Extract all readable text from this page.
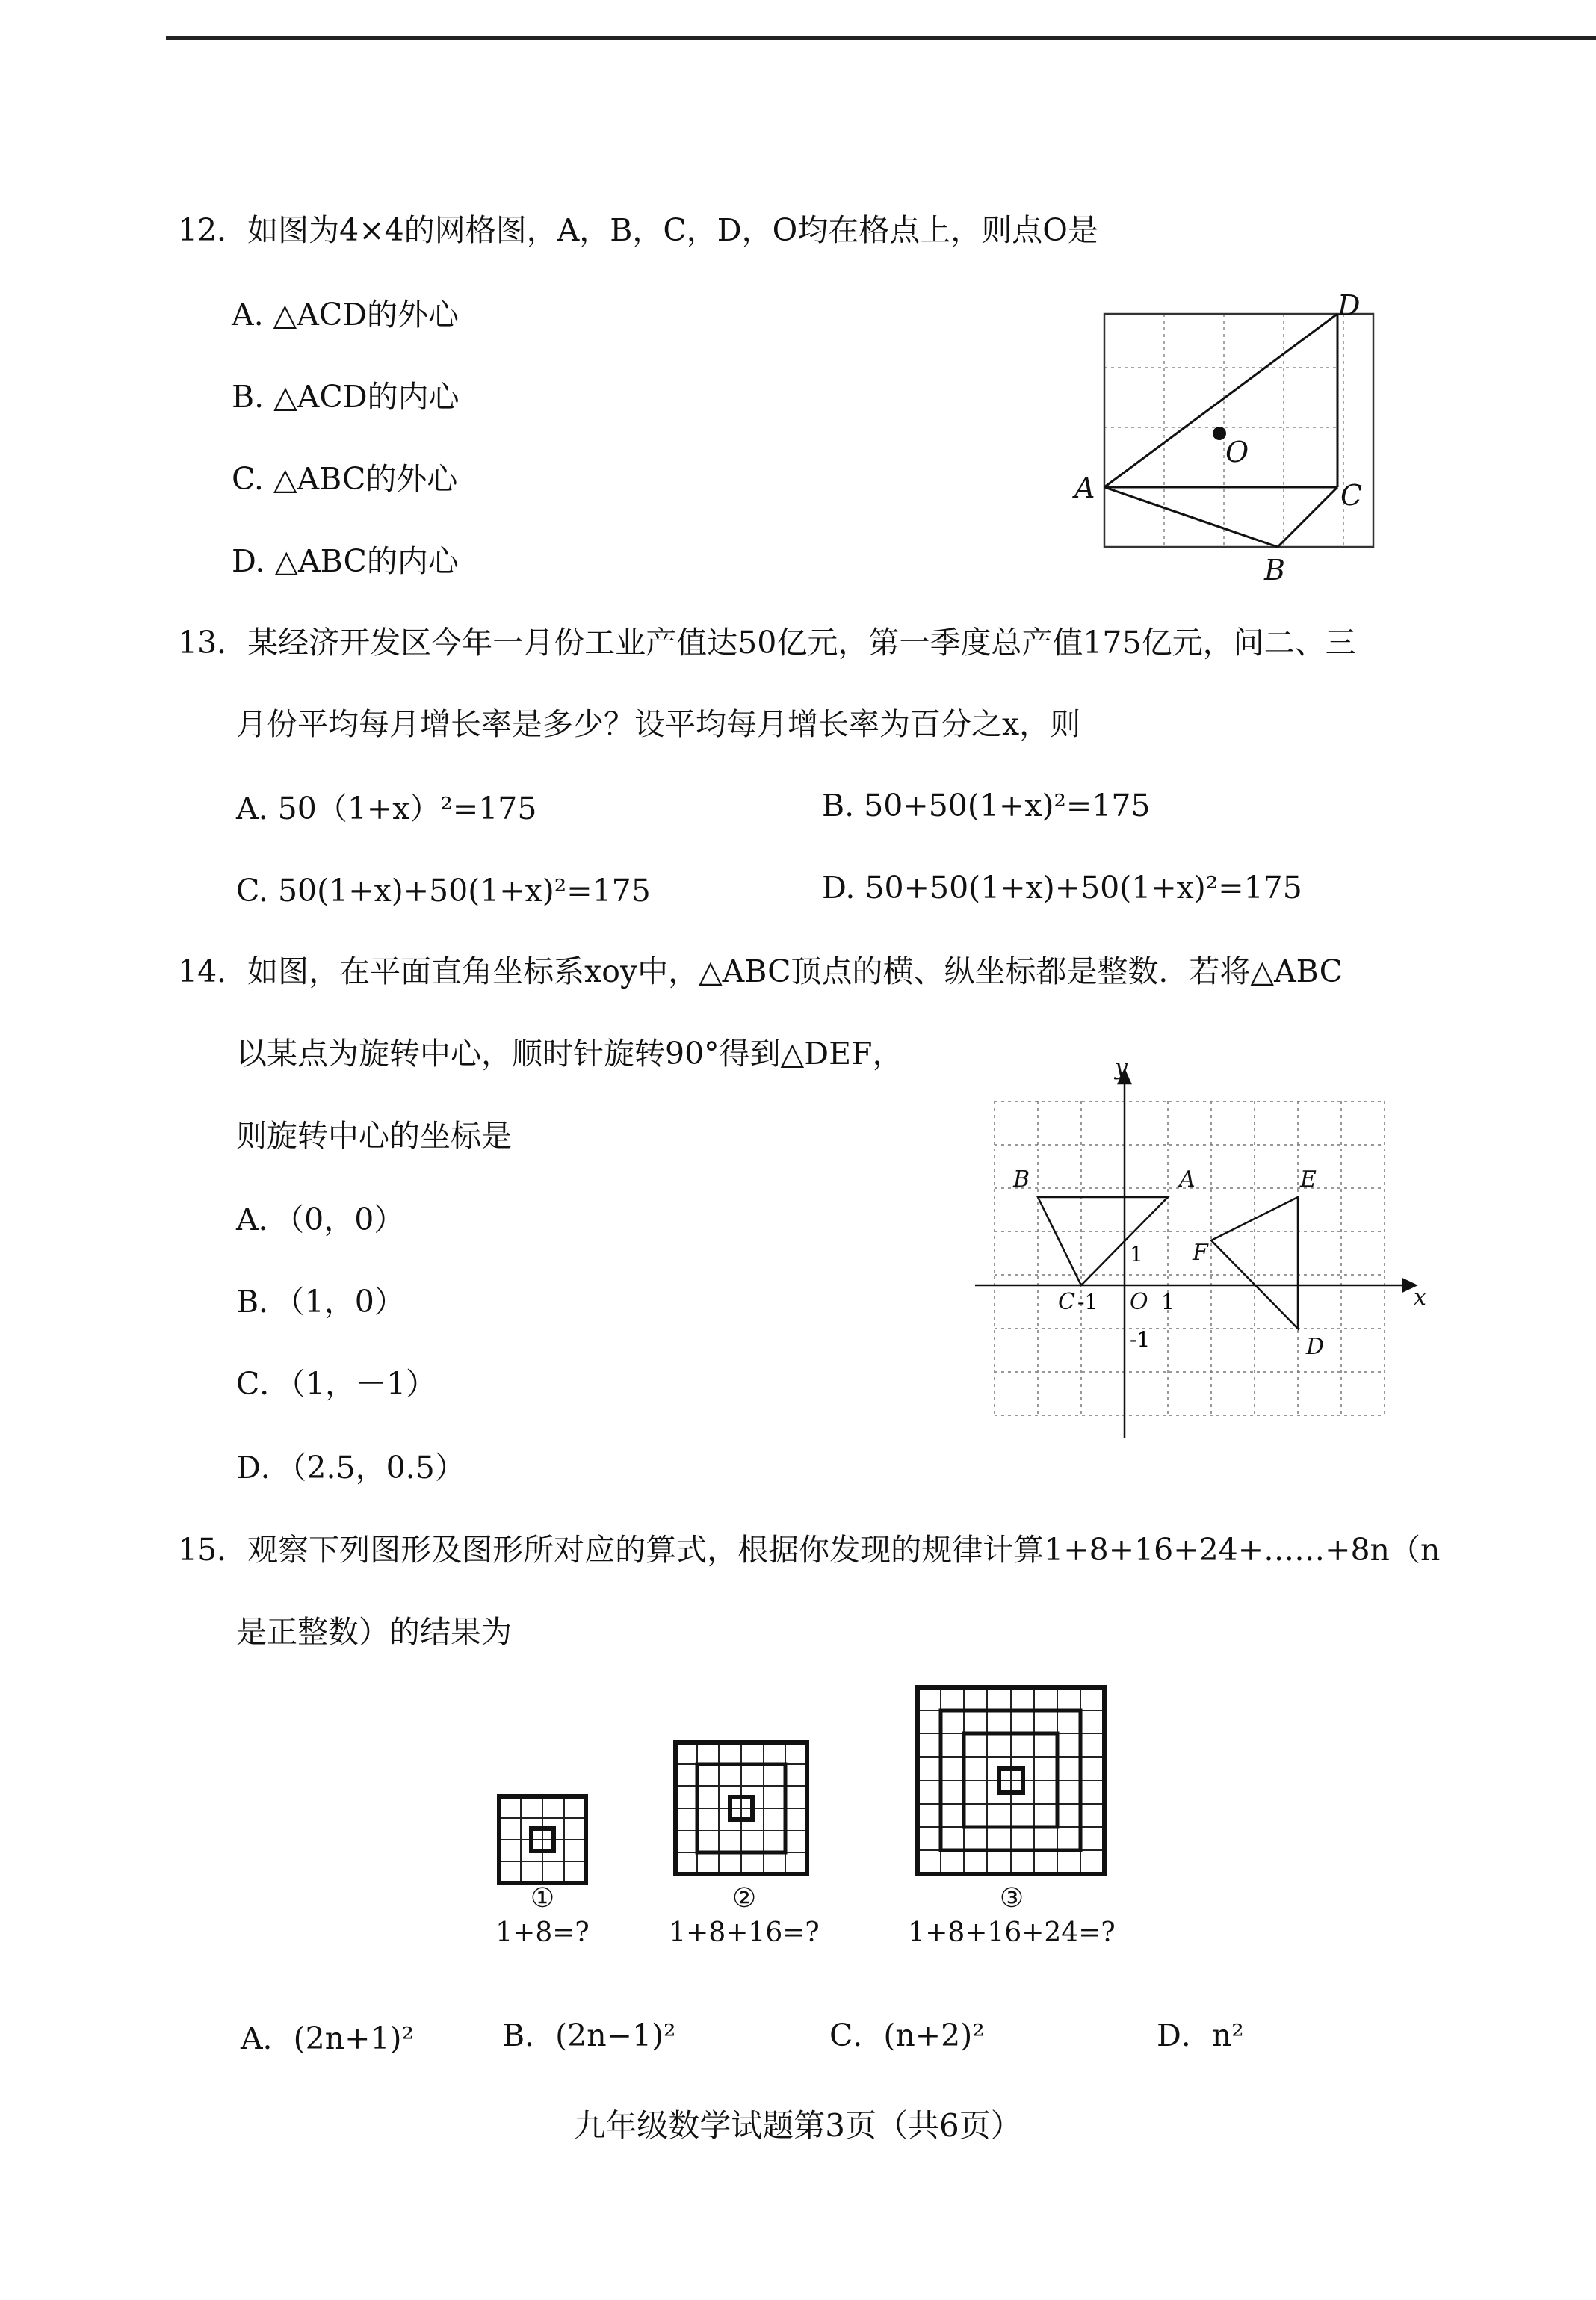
12．如图为4×4的网格图，A，B，C，D，O均在格点上，则点O是
A. △ACD的外心
B. △ACD的内心
C. △ABC的外心
D. △ABC的内心
D
A	C
B
O
13．某经济开发区今年一月份工业产值达50亿元，第一季度总产值175亿元，问二、三
月份平均每月增长率是多少？设平均每月增长率为百分之x，则
A. 50（1+x）²=175	B. 50+50(1+x)²=175
C. 50(1+x)+50(1+x)²=175	D. 50+50(1+x)+50(1+x)²=175
14．如图，在平面直角坐标系xoy中，△ABC顶点的横、纵坐标都是整数．若将△ABC
以某点为旋转中心，顺时针旋转90°得到△DEF，
则旋转中心的坐标是
A．（0，0）
B．（1，0）
C．（1，－1）
D．（2.5，0.5）
y
x
B	A	E
F
C
D
O 1
-1
1
-1
15．观察下列图形及图形所对应的算式，根据你发现的规律计算1+8+16+24+……+8n（n
是正整数）的结果为
①
1+8=?
②
1+8+16=?
③
1+8+16+24=?
A．(2n+1)²	B．(2n−1)²	C．(n+2)²	D．n²
九年级数学试题第3页（共6页）
